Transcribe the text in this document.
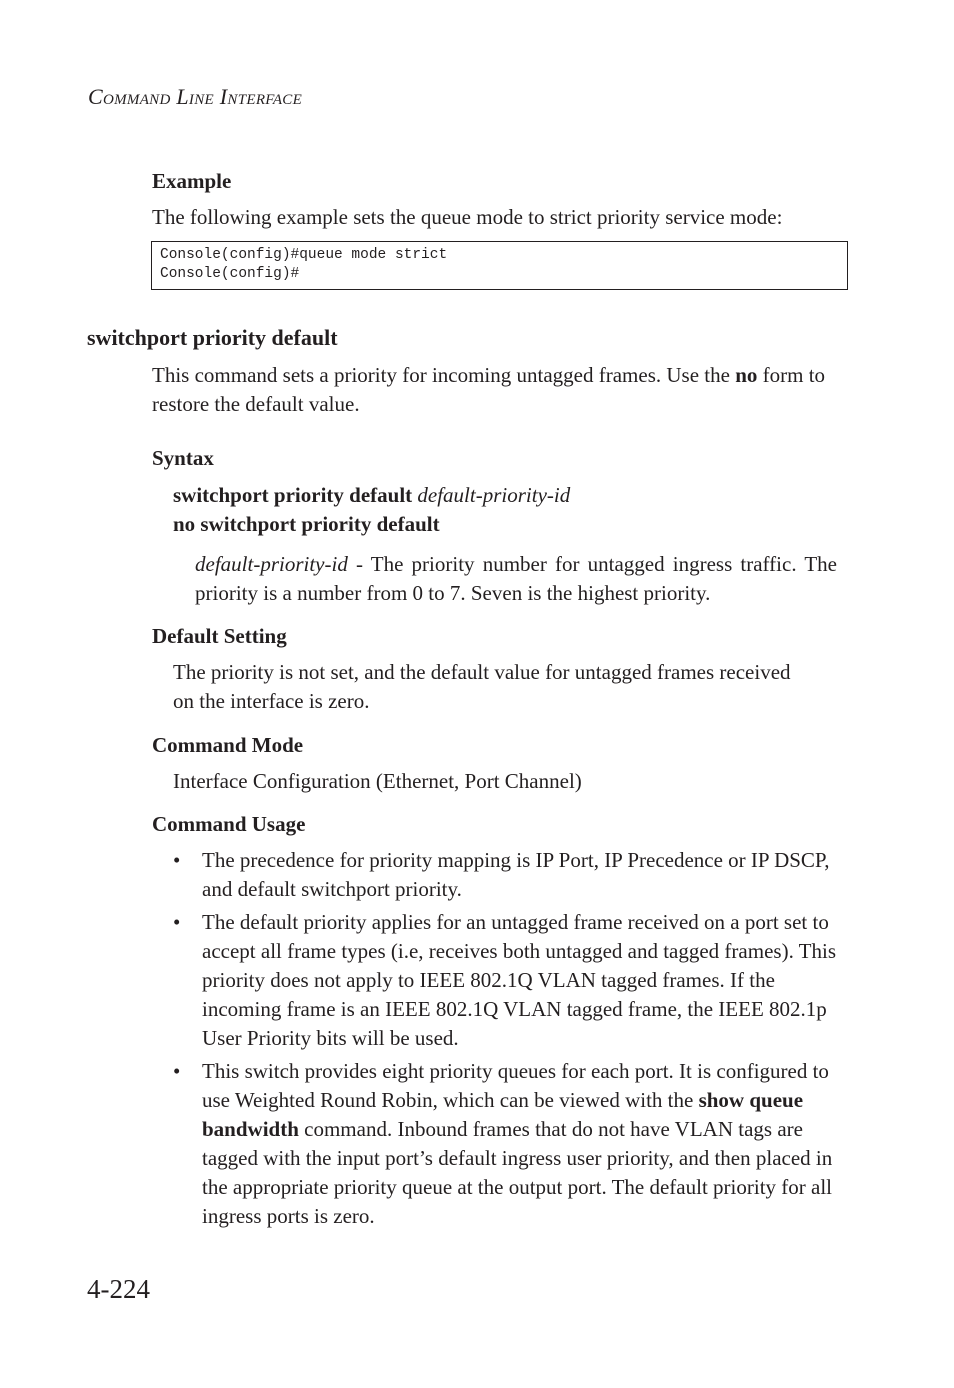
Command Line Interface
Example
The following example sets the queue mode to strict priority service mode:
Console(config)#queue mode strict
Console(config)#
switchport priority default
This command sets a priority for incoming untagged frames. Use the no form to restore the default value.
Syntax
switchport priority default default-priority-id
no switchport priority default
default-priority-id - The priority number for untagged ingress traffic. The priority is a number from 0 to 7. Seven is the highest priority.
Default Setting
The priority is not set, and the default value for untagged frames received on the interface is zero.
Command Mode
Interface Configuration (Ethernet, Port Channel)
Command Usage
• The precedence for priority mapping is IP Port, IP Precedence or IP DSCP, and default switchport priority.
• The default priority applies for an untagged frame received on a port set to accept all frame types (i.e, receives both untagged and tagged frames). This priority does not apply to IEEE 802.1Q VLAN tagged frames. If the incoming frame is an IEEE 802.1Q VLAN tagged frame, the IEEE 802.1p User Priority bits will be used.
• This switch provides eight priority queues for each port. It is configured to use Weighted Round Robin, which can be viewed with the show queue bandwidth command. Inbound frames that do not have VLAN tags are tagged with the input port’s default ingress user priority, and then placed in the appropriate priority queue at the output port. The default priority for all ingress ports is zero.
4-224
